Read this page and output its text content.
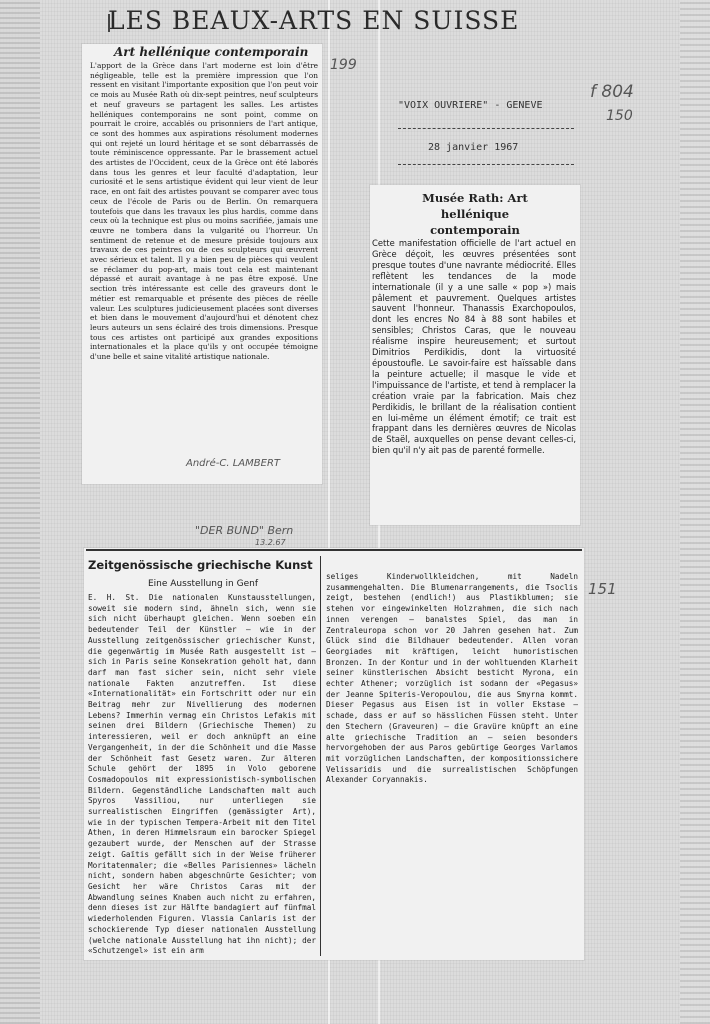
LES BEAUX-ARTS EN SUISSE
Art hellénique contemporain
L'apport de la Grèce dans l'art moderne est loin d'être négligeable, telle est la première impression que l'on ressent en visitant l'importante exposition que l'on peut voir ce mois au Musée Rath où dix-sept peintres, neuf sculpteurs et neuf graveurs se partagent les salles. Les artistes helléniques contemporains ne sont point, comme on pourrait le croire, accablés ou prisonniers de l'art antique, ce sont des hommes aux aspirations résolument modernes qui ont rejeté un lourd héritage et se sont débarrassés de toute réminiscence oppressante. Par le brassement actuel des artistes de l'Occident, ceux de la Grèce ont été laborés dans tous les genres et leur faculté d'adaptation, leur curiosité et le sens artistique évident qui leur vient de leur race, en ont fait des artistes pouvant se comparer avec tous ceux de l'école de Paris ou de Berlin. On remarquera toutefois que dans les travaux les plus hardis, comme dans ceux où la technique est plus ou moins sacrifiée, jamais une œuvre ne tombera dans la vulgarité ou l'horreur. Un sentiment de retenue et de mesure préside toujours aux travaux de ces peintres ou de ces sculpteurs qui œuvrent avec sérieux et talent. Il y a bien peu de pièces qui veulent se réclamer du pop-art, mais tout cela est maintenant dépassé et aurait avantage à ne pas être exposé. Une section très intéressante est celle des graveurs dont le métier est remarquable et présente des pièces de réelle valeur. Les sculptures judicieusement placées sont diverses et bien dans le mouvement d'aujourd'hui et dénotent chez leurs auteurs un sens éclairé des trois dimensions. Presque tous ces artistes ont participé aux grandes expositions internationales et la place qu'ils y ont occupée témoigne d'une belle et saine vitalité artistique nationale.
André-C. LAMBERT
199
"VOIX OUVRIERE" - GENEVE
28 janvier 1967
f 804
150
Musée Rath: Art hellénique contemporain
Cette manifestation officielle de l'art actuel en Grèce déçoit, les œuvres présentées sont presque toutes d'une navrante médiocrité. Elles reflètent les tendances de la mode internationale (il y a une salle « pop ») mais pâlement et pauvrement. Quelques artistes sauvent l'honneur. Thanassis Exarchopoulos, dont les encres No 84 à 88 sont habiles et sensibles; Christos Caras, que le nouveau réalisme inspire heureusement; et surtout Dimitrios Perdikidis, dont la virtuosité époustoufle. Le savoir-faire est haïssable dans la peinture actuelle; il masque le vide et l'impuissance de l'artiste, et tend à remplacer la création vraie par la fabrication. Mais chez Perdikidis, le brillant de la réalisation contient en lui-même un élément émotif; ce trait est frappant dans les dernières œuvres de Nicolas de Staël, auxquelles on pense devant celles-ci, bien qu'il n'y ait pas de parenté formelle.
"DER BUND" Bern
13.2.67
151
Zeitgenössische griechische Kunst
Eine Ausstellung in Genf
E. H. St. Die nationalen Kunstausstellungen, soweit sie modern sind, ähneln sich, wenn sie sich nicht überhaupt gleichen. Wenn soeben ein bedeutender Teil der Künstler – wie in der Ausstellung zeitgenössischer griechischer Kunst, die gegenwärtig im Musée Rath ausgestellt ist – sich in Paris seine Konsekration geholt hat, dann darf man fast sicher sein, nicht sehr viele nationale Fakten anzutreffen. Ist diese «Internationalität» ein Fortschritt oder nur ein Beitrag mehr zur Nivellierung des modernen Lebens? Immerhin vermag ein Christos Lefakis mit seinen drei Bildern (Griechische Themen) zu interessieren, weil er doch anknüpft an eine Vergangenheit, in der die Schönheit und die Masse der Schönheit fast Gesetz waren. Zur älteren Schule gehört der 1895 in Volo geborene Cosmadopoulos mit expressionistisch-symbolischen Bildern. Gegenständliche Landschaften malt auch Spyros Vassiliou, nur unterliegen sie surrealistischen Eingriffen (gemässigter Art), wie in der typischen Tempera-Arbeit mit dem Titel Athen, in deren Himmelsraum ein barocker Spiegel gezaubert wurde, der Menschen auf der Strasse zeigt. Gaïtis gefällt sich in der Weise früherer Moritatenmaler; die «Belles Parisiennes» lächeln nicht, sondern haben abgeschnürte Gesichter; vom Gesicht her wäre Christos Caras mit der Abwandlung seines Knaben auch nicht zu erfahren, denn dieses ist zur Hälfte bandagiert auf fünfmal wiederholenden Figuren. Vlassia Canlaris ist der schockierende Typ dieser nationalen Ausstellung (welche nationale Ausstellung hat ihn nicht); der «Schutzengel» ist ein arm
seliges Kinderwollkleidchen, mit Nadeln zusammengehalten. Die Blumenarrangements, die Tsoclis zeigt, bestehen (endlich!) aus Plastikblumen; sie stehen vor eingewinkelten Holzrahmen, die sich nach innen verengen – banalstes Spiel, das man in Zentraleuropa schon vor 20 Jahren gesehen hat. Zum Glück sind die Bildhauer bedeutender. Allen voran Georgiades mit kräftigen, leicht humoristischen Bronzen. In der Kontur und in der wohltuenden Klarheit seiner künstlerischen Absicht besticht Myrona, ein echter Athener; vorzüglich ist sodann der «Pegasus» der Jeanne Spiteris-Veropoulou, die aus Smyrna kommt. Dieser Pegasus aus Eisen ist in voller Ekstase – schade, dass er auf so hässlichen Füssen steht. Unter den Stechern (Graveuren) – die Gravüre knüpft an eine alte griechische Tradition an – seien besonders hervorgehoben der aus Paros gebürtige Georges Varlamos mit vorzüglichen Landschaften, der kompositionssichere Velissaridis und die surrealistischen Schöpfungen Alexander Coryannakis.
